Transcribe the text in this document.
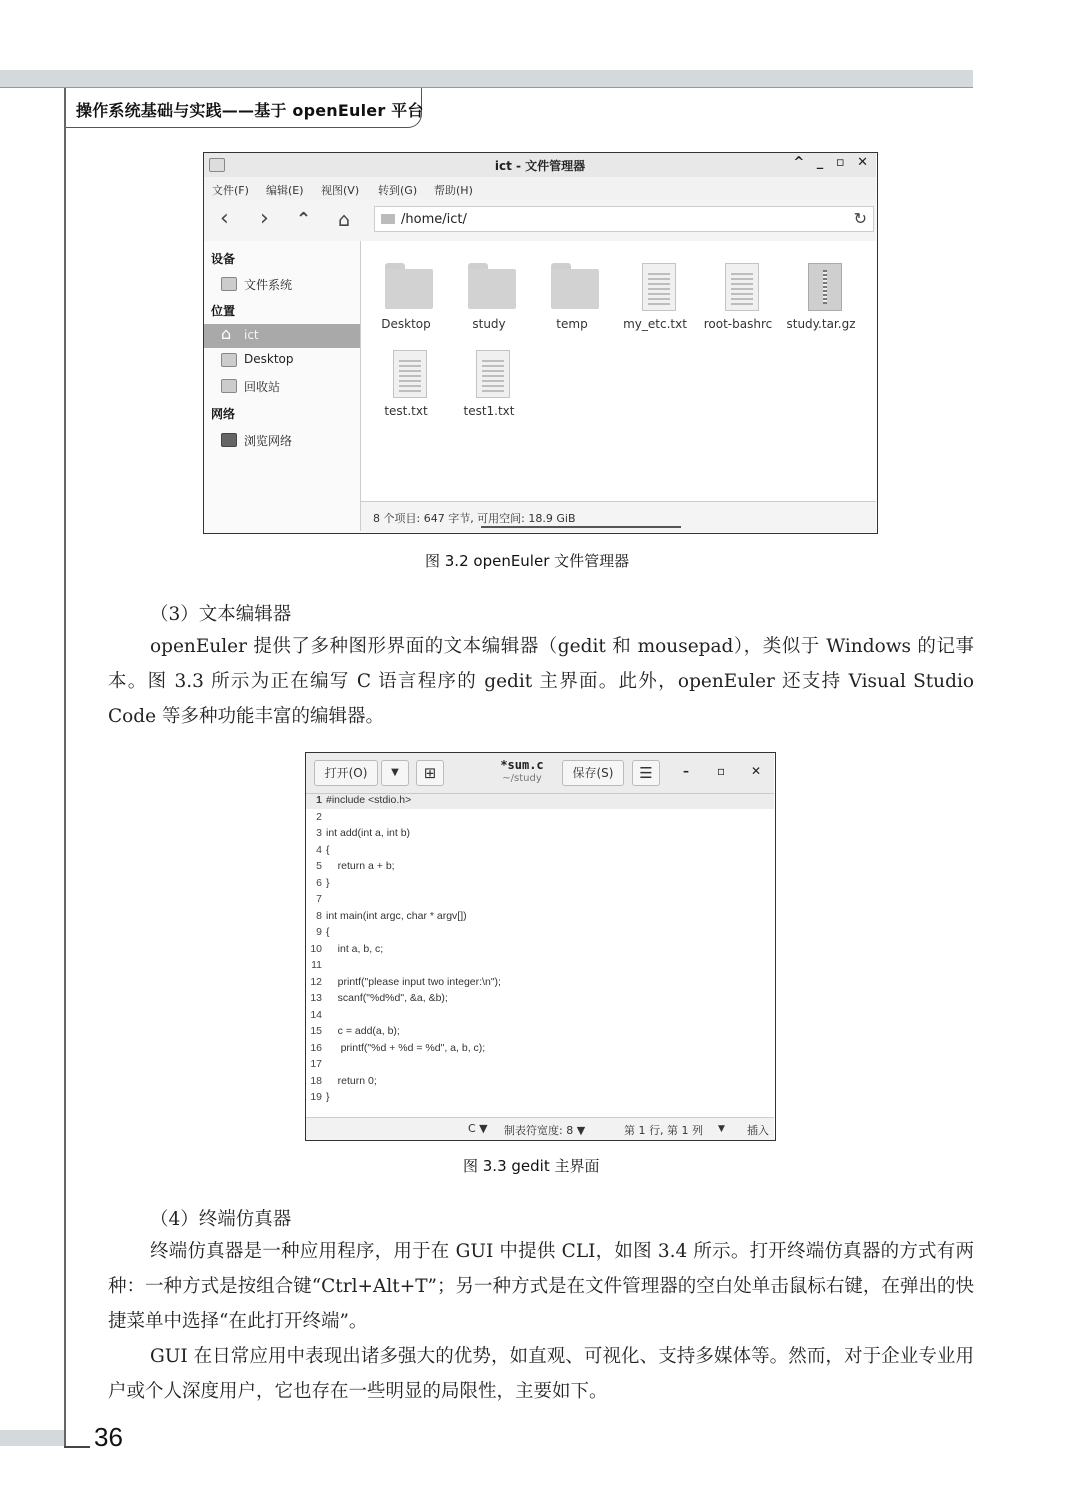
操作系统基础与实践——基于 openEuler 平台
36
ict - 文件管理器	^ _ ▫ ✕
文件(F) 编辑(E) 视图(V) 转到(G) 帮助(H)
‹ › ⌃ ⌂	/home/ict/	↻
设备
文件系统
位置
⌂	ict
Desktop
回收站
网络
浏览网络
Desktop	study	temp	my_etc.txt	root-bashrc	study.tar.gz
test.txt	test1.txt
8 个项目: 647 字节, 可用空间: 18.9 GiB
图 3.2 openEuler 文件管理器
（3）文本编辑器
openEuler 提供了多种图形界面的文本编辑器（gedit 和 mousepad），类似于 Windows 的记事本。图 3.3 所示为正在编写 C 语言程序的 gedit 主界面。此外，openEuler 还支持 Visual Studio Code 等多种功能丰富的编辑器。
打开(O)	▼	⊞	*sum.c
~/study	保存(S)	☰	– ▫ ✕
1 #include <stdio.h>
2
3 int add(int a, int b)
4 {
5 return a + b;
6 }
7
8 int main(int argc, char * argv[])
9 {
10 int a, b, c;
11
12 printf("please input two integer:\n");
13 scanf("%d%d", &a, &b);
14
15 c = add(a, b);
16 printf("%d + %d = %d", a, b, c);
17
18 return 0;
19 }
C ▼ 制表符宽度: 8 ▼	第 1 行, 第 1 列 ▼ 插入
图 3.3 gedit 主界面
（4）终端仿真器
终端仿真器是一种应用程序，用于在 GUI 中提供 CLI，如图 3.4 所示。打开终端仿真器的方式有两种：一种方式是按组合键“Ctrl+Alt+T”；另一种方式是在文件管理器的空白处单击鼠标右键，在弹出的快捷菜单中选择“在此打开终端”。
GUI 在日常应用中表现出诸多强大的优势，如直观、可视化、支持多媒体等。然而，对于企业专业用户或个人深度用户，它也存在一些明显的局限性，主要如下。
